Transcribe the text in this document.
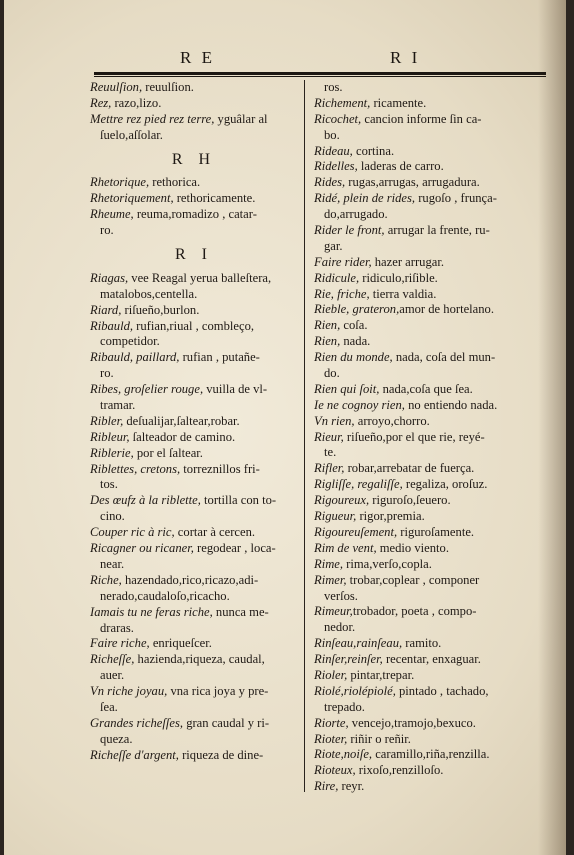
R E	R I
Reuulſion, reuulſion.
Rez, razo,lizo.
Mettre rez pied rez terre, yguâlar al
ſuelo,aſſolar.
R H
Rhetorique, rethorica.
Rhetoriquement, rethoricamente.
Rheume, reuma,romadizo , catar-
ro.
R I
Riagas, vee Reagal yerua balleſtera,
matalobos,centella.
Riard, riſueño,burlon.
Ribauld, rufian,riual , combleço,
competidor.
Ribauld, paillard, rufian , putañe-
ro.
Ribes, groſelier rouge, vuilla de vl-
tramar.
Ribler, deſualijar,ſaltear,robar.
Ribleur, ſalteador de camino.
Riblerie, por el ſaltear.
Riblettes, cretons, torreznillos fri-
tos.
Des œufz à la riblette, tortilla con to-
cino.
Couper ric à ric, cortar à cercen.
Ricagner ou ricaner, regodear , loca-
near.
Riche, hazendado,rico,ricazo,adi-
nerado,caudaloſo,ricacho.
Iamais tu ne feras riche, nunca me-
draras.
Faire riche, enriqueſcer.
Richeſſe, hazienda,riqueza, caudal,
auer.
Vn riche joyau, vna rica joya y pre-
ſea.
Grandes richeſſes, gran caudal y ri-
queza.
Richeſſe d'argent, riqueza de dine-
ros.
Richement, ricamente.
Ricochet, cancion informe ſin ca-
bo.
Rideau, cortina.
Ridelles, laderas de carro.
Rides, rugas,arrugas, arrugadura.
Ridé, plein de rides, rugoſo , frunça-
do,arrugado.
Rider le front, arrugar la frente, ru-
gar.
Faire rider, hazer arrugar.
Ridicule, ridiculo,riſible.
Rie, friche, tierra valdia.
Rieble, grateron,amor de hortelano.
Rien, coſa.
Rien, nada.
Rien du monde, nada, coſa del mun-
do.
Rien qui ſoit, nada,coſa que ſea.
Ie ne cognoy rien, no entiendo nada.
Vn rien, arroyo,chorro.
Rieur, riſueño,por el que rie, reyé-
te.
Rifler, robar,arrebatar de fuerça.
Rigliſſe, regaliſſe, regaliza, oroſuz.
Rigoureux, riguroſo,ſeuero.
Rigueur, rigor,premia.
Rigoureuſement, riguroſamente.
Rim de vent, medio viento.
Rime, rima,verſo,copla.
Rimer, trobar,coplear , componer
verſos.
Rimeur,trobador, poeta , compo-
nedor.
Rinſeau,rainſeau, ramito.
Rinſer,reinſer, recentar, enxaguar.
Rioler, pintar,trepar.
Riolé,riolépiolé, pintado , tachado,
trepado.
Riorte, vencejo,tramojo,bexuco.
Rioter, riñir o reñir.
Riote,noiſe, caramillo,riña,renzilla.
Rioteux, rixoſo,renzilloſo.
Rire, reyr.
